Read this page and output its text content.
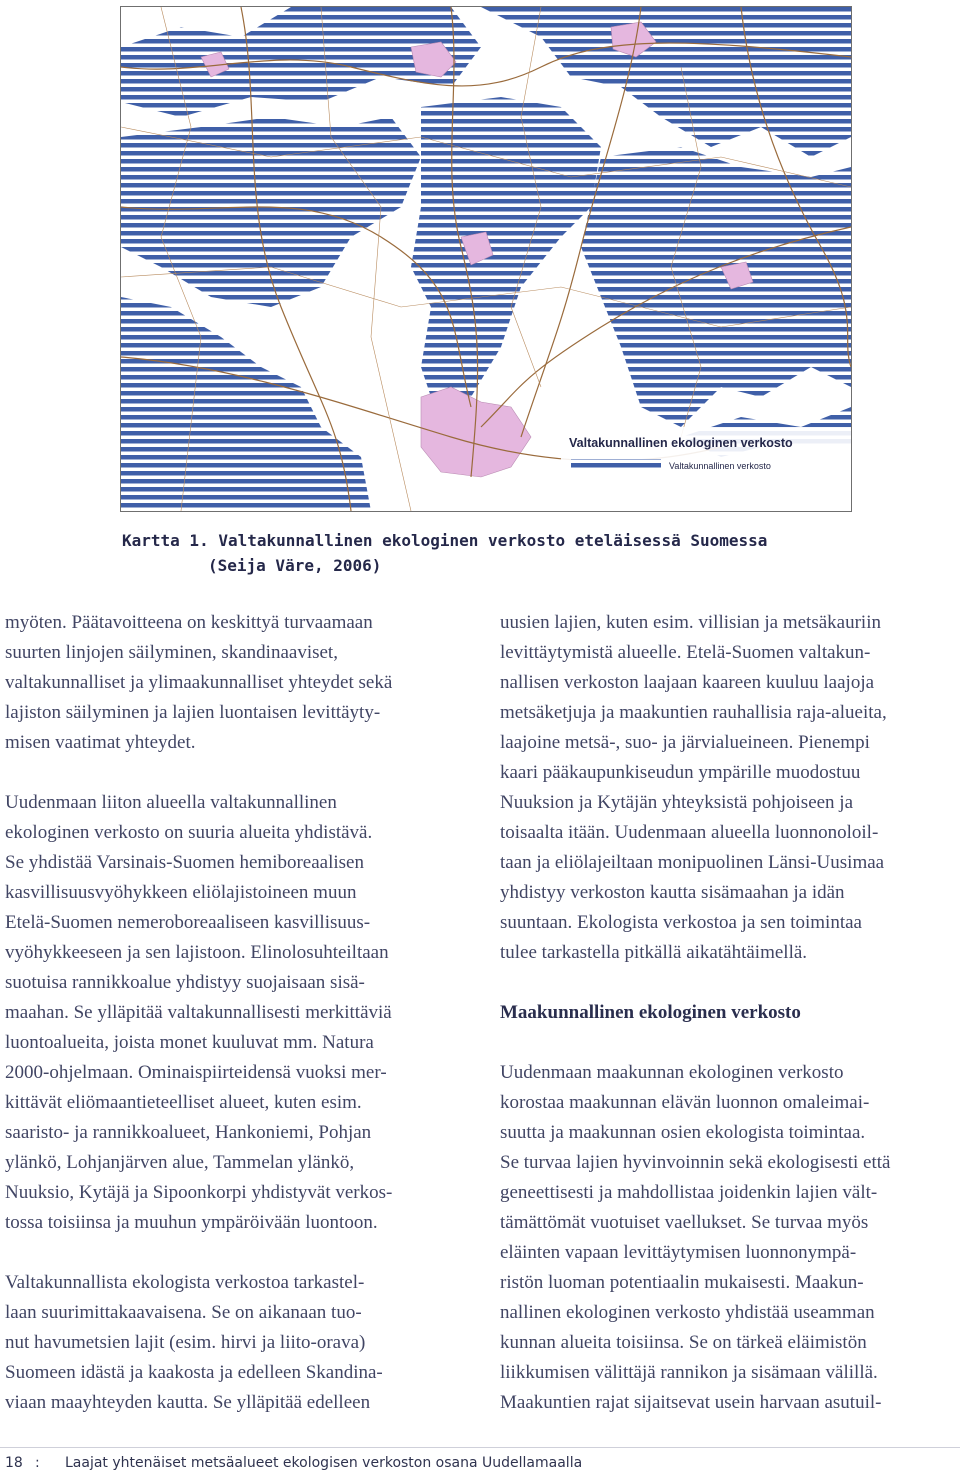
Valtakunnallinen ekologinen verkosto
Valtakunnallinen verkosto
Kartta 1. Valtakunnallinen ekologinen verkosto eteläisessä Suomessa
(Seija Väre, 2006)

myöten. Päätavoitteena on keskittyä turvaamaan
suurten linjojen säilyminen, skandinaaviset,
valtakunnalliset ja ylimaakunnalliset yhteydet sekä
lajiston säilyminen ja lajien luontaisen levittäyty-
misen vaatimat yhteydet.

Uudenmaan liiton alueella valtakunnallinen
ekologinen verkosto on suuria alueita yhdistävä.
Se yhdistää Varsinais-Suomen hemiboreaalisen
kasvillisuusvyöhykkeen eliölajistoineen muun
Etelä-Suomen nemeroboreaaliseen kasvillisuus-
vyöhykkeeseen ja sen lajistoon. Elinolosuhteiltaan
suotuisa rannikkoalue yhdistyy suojaisaan sisä-
maahan. Se ylläpitää valtakunnallisesti merkittäviä
luontoalueita, joista monet kuuluvat mm. Natura
2000-ohjelmaan. Ominaispiirteidensä vuoksi mer-
kittävät eliömaantieteelliset alueet, kuten esim.
saaristo- ja rannikkoalueet, Hankoniemi, Pohjan
ylänkö, Lohjanjärven alue, Tammelan ylänkö,
Nuuksio, Kytäjä ja Sipoonkorpi yhdistyvät verkos-
tossa toisiinsa ja muuhun ympäröivään luontoon.

Valtakunnallista ekologista verkostoa tarkastel-
laan suurimittakaavaisena. Se on aikanaan tuo-
nut havumetsien lajit (esim. hirvi ja liito-orava)
Suomeen idästä ja kaakosta ja edelleen Skandina-
viaan maayhteyden kautta. Se ylläpitää edelleen

uusien lajien, kuten esim. villisian ja metsäkauriin
levittäytymistä alueelle. Etelä-Suomen valtakun-
nallisen verkoston laajaan kaareen kuuluu laajoja
metsäketjuja ja maakuntien rauhallisia raja-alueita,
laajoine metsä-, suo- ja järvialueineen. Pienempi
kaari pääkaupunkiseudun ympärille muodostuu
Nuuksion ja Kytäjän yhteyksistä pohjoiseen ja
toisaalta itään. Uudenmaan alueella luonnonoloil-
taan ja eliölajeiltaan monipuolinen Länsi-Uusimaa
yhdistyy verkoston kautta sisämaahan ja idän
suuntaan. Ekologista verkostoa ja sen toimintaa
tulee tarkastella pitkällä aikatähtäimellä.

Maakunnallinen ekologinen verkosto

Uudenmaan maakunnan ekologinen verkosto
korostaa maakunnan elävän luonnon omaleimai-
suutta ja maakunnan osien ekologista toimintaa.
Se turvaa lajien hyvinvoinnin sekä ekologisesti että
geneettisesti ja mahdollistaa joidenkin lajien vält-
tämättömät vuotuiset vaellukset. Se turvaa myös
eläinten vapaan levittäytymisen luonnonympä-
ristön luoman potentiaalin mukaisesti. Maakun-
nallinen ekologinen verkosto yhdistää useamman
kunnan alueita toisiinsa. Se on tärkeä eläimistön
liikkumisen välittäjä rannikon ja sisämaan välillä.
Maakuntien rajat sijaitsevat usein harvaan asutuil-

18 : Laajat yhtenäiset metsäalueet ekologisen verkoston osana Uudellamaalla
